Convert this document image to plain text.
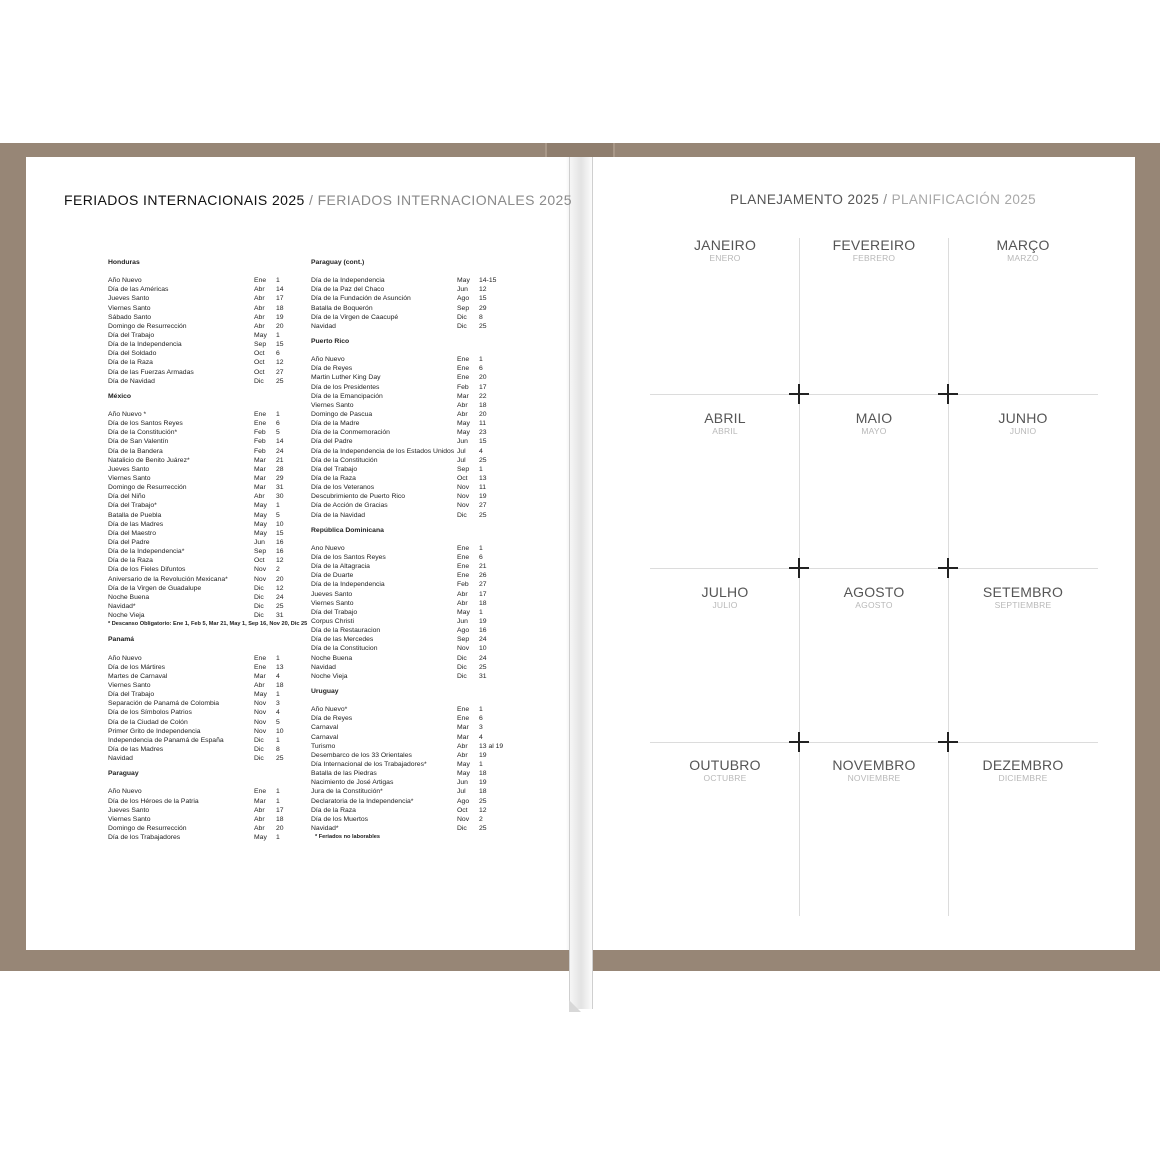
FERIADOS INTERNACIONAIS 2025 / FERIADOS INTERNACIONALES 2025
Honduras
Año Nuevo	Ene 1
Día de las Américas	Abr 14
Jueves Santo	Abr 17
Viernes Santo	Abr 18
Sábado Santo	Abr 19
Domingo de Resurrección	Abr 20
Día del Trabajo	May 1
Día de la Independencia	Sep 15
Día del Soldado	Oct 6
Día de la Raza	Oct 12
Día de las Fuerzas Armadas	Oct 27
Día de Navidad	Dic 25
México
Año Nuevo *	Ene 1
Día de los Santos Reyes	Ene 6
Día de la Constitución*	Feb 5
Día de San Valentín	Feb 14
Día de la Bandera	Feb 24
Natalicio de Benito Juárez*	Mar 21
Jueves Santo	Mar 28
Viernes Santo	Mar 29
Domingo de Resurrección	Mar 31
Día del Niño	Abr 30
Día del Trabajo*	May 1
Batalla de Puebla	May 5
Día de las Madres	May 10
Día del Maestro	May 15
Día del Padre	Jun 16
Día de la Independencia*	Sep 16
Día de la Raza	Oct 12
Día de los Fieles Difuntos	Nov 2
Aniversario de la Revolución Mexicana*	Nov 20
Día de la Virgen de Guadalupe	Dic 12
Noche Buena	Dic 24
Navidad*	Dic 25
Noche Vieja	Dic 31
* Descanso Obligatorio: Ene 1, Feb 5, Mar 21, May 1, Sep 16, Nov 20, Dic 25
Panamá
Año Nuevo	Ene 1
Día de los Mártires	Ene 13
Martes de Carnaval	Mar 4
Viernes Santo	Abr 18
Día del Trabajo	May 1
Separación de Panamá de Colombia	Nov 3
Día de los Símbolos Patrios	Nov 4
Día de la Ciudad de Colón	Nov 5
Primer Grito de Independencia	Nov 10
Independencia de Panamá de España	Dic 1
Día de las Madres	Dic 8
Navidad	Dic 25
Paraguay
Año Nuevo	Ene 1
Día de los Héroes de la Patria	Mar 1
Jueves Santo	Abr 17
Viernes Santo	Abr 18
Domingo de Resurrección	Abr 20
Día de los Trabajadores	May 1
Paraguay (cont.)
Día de la Independencia	May 14-15
Día de la Paz del Chaco	Jun 12
Día de la Fundación de Asunción	Ago 15
Batalla de Boquerón	Sep 29
Día de la Virgen de Caacupé	Dic 8
Navidad	Dic 25
Puerto Rico
Año Nuevo	Ene 1
Día de Reyes	Ene 6
Martin Luther King Day	Ene 20
Día de los Presidentes	Feb 17
Día de la Emancipación	Mar 22
Viernes Santo	Abr 18
Domingo de Pascua	Abr 20
Día de la Madre	May 11
Día de la Conmemoración	May 23
Día del Padre	Jun 15
Día de la Independencia de los Estados Unidos Jul 4
Día de la Constitución	Jul 25
Día del Trabajo	Sep 1
Día de la Raza	Oct 13
Día de los Veteranos	Nov 11
Descubrimiento de Puerto Rico	Nov 19
Día de Acción de Gracias	Nov 27
Día de la Navidad	Dic 25
República Dominicana
Ano Nuevo	Ene 1
Día de los Santos Reyes	Ene 6
Día de la Altagracia	Ene 21
Día de Duarte	Ene 26
Día de la Independencia	Feb 27
Jueves Santo	Abr 17
Viernes Santo	Abr 18
Día del Trabajo	May 1
Corpus Christi	Jun 19
Día de la Restauracion	Ago 16
Día de las Mercedes	Sep 24
Día de la Constitucion	Nov 10
Noche Buena	Dic 24
Navidad	Dic 25
Noche Vieja	Dic 31
Uruguay
Año Nuevo*	Ene 1
Día de Reyes	Ene 6
Carnaval	Mar 3
Carnaval	Mar 4
Turismo	Abr 13 al 19
Desembarco de los 33 Orientales	Abr 19
Día Internacional de los Trabajadores*	May 1
Batalla de las Piedras	May 18
Nacimiento de José Artigas	Jun 19
Jura de la Constitución*	Jul 18
Declaratoria de la Independencia*	Ago 25
Día de la Raza	Oct 12
Día de los Muertos	Nov 2
Navidad*	Dic 25
* Feriados no laborables
PLANEJAMENTO 2025 / PLANIFICACIÓN 2025
JANEIRO
ENERO
FEVEREIRO
FEBRERO
MARÇO
MARZO
ABRIL
ABRIL
MAIO
MAYO
JUNHO
JUNIO
JULHO
JULIO
AGOSTO
AGOSTO
SETEMBRO
SEPTIEMBRE
OUTUBRO
OCTUBRE
NOVEMBRO
NOVIEMBRE
DEZEMBRO
DICIEMBRE
